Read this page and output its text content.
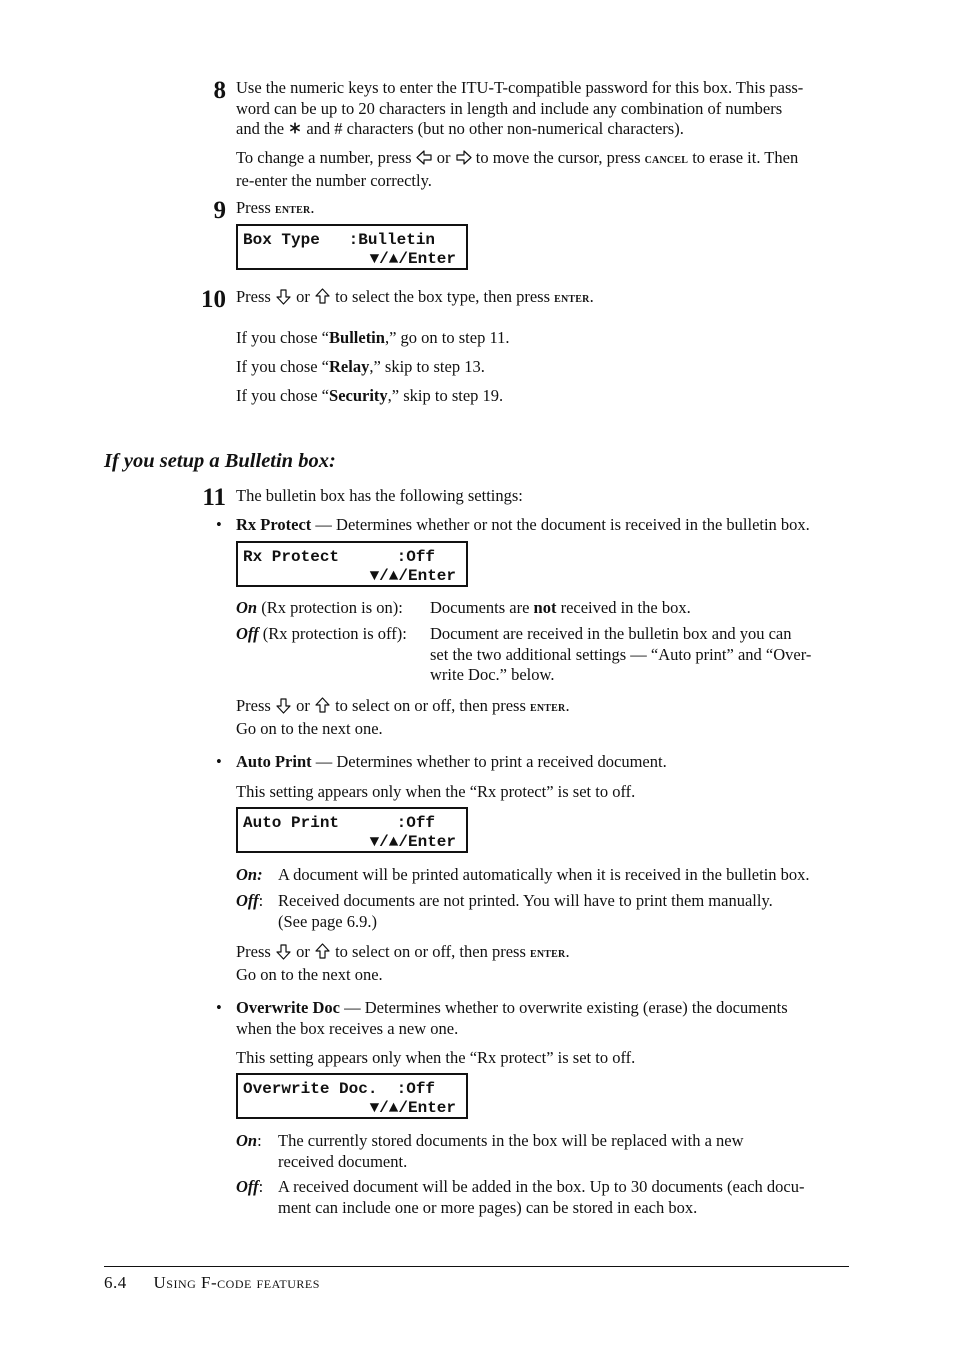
8 Use the numeric keys to enter the ITU-T-compatible password for this box. This pass-
word can be up to 20 characters in length and include any combination of numbers
and the and # characters (but no other non-numerical characters).
To change a number, press or to move the cursor, press cancel to erase it. Then
re-enter the number correctly.
9 Press enter.
Box Type   :Bulletin
▼/▲/Enter
10 Press or to select the box type, then press enter.
If you chose “Bulletin,” go on to step 11.
If you chose “Relay,” skip to step 13.
If you chose “Security,” skip to step 19.
If you setup a Bulletin box:
11 The bulletin box has the following settings:
• Rx Protect — Determines whether or not the document is received in the bulletin box.
Rx Protect      :Off
▼/▲/Enter
On (Rx protection is on):	Documents are not received in the box.
Off (Rx protection is off):	Document are received in the bulletin box and you can
set the two additional settings — “Auto print” and “Over-
write Doc.” below.
Press or to select on or off, then press enter.
Go on to the next one.
• Auto Print — Determines whether to print a received document.
This setting appears only when the “Rx protect” is set to off.
Auto Print      :Off
▼/▲/Enter
On: A document will be printed automatically when it is received in the bulletin box.
Off: Received documents are not printed. You will have to print them manually.
(See page 6.9.)
Press or to select on or off, then press enter.
Go on to the next one.
• Overwrite Doc — Determines whether to overwrite existing (erase) the documents
when the box receives a new one.
This setting appears only when the “Rx protect” is set to off.
Overwrite Doc.  :Off
▼/▲/Enter
On: The currently stored documents in the box will be replaced with a new
received document.
Off: A received document will be added in the box. Up to 30 documents (each docu-
ment can include one or more pages) can be stored in each box.
6.4 Using F-code features
